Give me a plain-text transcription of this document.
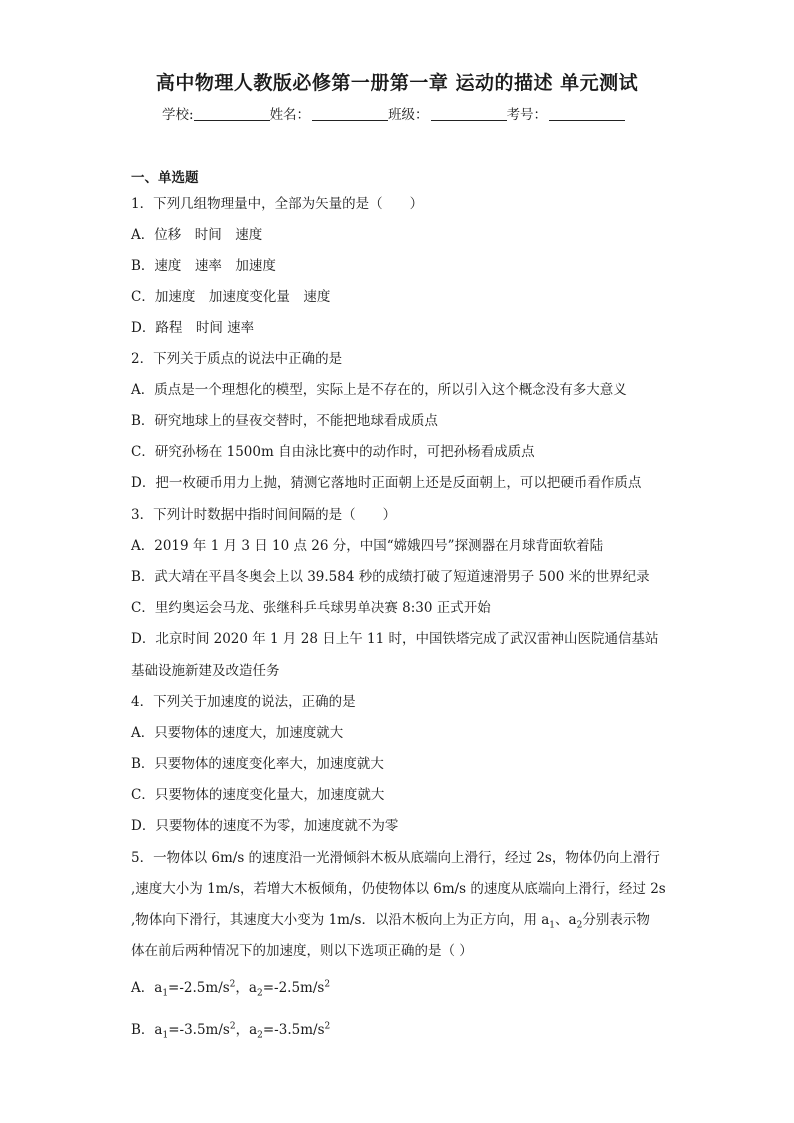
高中物理人教版必修第一册第一章 运动的描述 单元测试
学校:	姓名：	班级：	考号：
一、单选题
1．下列几组物理量中，全部为矢量的是（　　）
A．位移　时间　速度
B．速度　速率　加速度
C．加速度　加速度变化量　速度
D．路程　时间 速率
2．下列关于质点的说法中正确的是
A．质点是一个理想化的模型，实际上是不存在的，所以引入这个概念没有多大意义
B．研究地球上的昼夜交替时，不能把地球看成质点
C．研究孙杨在 1500m 自由泳比赛中的动作时，可把孙杨看成质点
D．把一枚硬币用力上抛，猜测它落地时正面朝上还是反面朝上，可以把硬币看作质点
3．下列计时数据中指时间间隔的是（　　）
A．2019 年 1 月 3 日 10 点 26 分，中国“嫦娥四号”探测器在月球背面软着陆
B．武大靖在平昌冬奥会上以 39.584 秒的成绩打破了短道速滑男子 500 米的世界纪录
C．里约奥运会马龙、张继科乒乓球男单决赛 8:30 正式开始
D．北京时间 2020 年 1 月 28 日上午 11 时，中国铁塔完成了武汉雷神山医院通信基站
基础设施新建及改造任务
4．下列关于加速度的说法，正确的是
A．只要物体的速度大，加速度就大
B．只要物体的速度变化率大，加速度就大
C．只要物体的速度变化量大，加速度就大
D．只要物体的速度不为零，加速度就不为零
5．一物体以 6m/s 的速度沿一光滑倾斜木板从底端向上滑行，经过 2s，物体仍向上滑行
,速度大小为 1m/s，若增大木板倾角，仍使物体以 6m/s 的速度从底端向上滑行，经过 2s
,物体向下滑行，其速度大小变为 1m/s．以沿木板向上为正方向，用 $a_1$、$a_2$分别表示物
体在前后两种情况下的加速度，则以下选项正确的是（ ）
A．$a_1=-2.5m/s^2$，$a_2=-2.5m/s^2$
B．$a_1=-3.5m/s^2$，$a_2=-3.5m/s^2$
